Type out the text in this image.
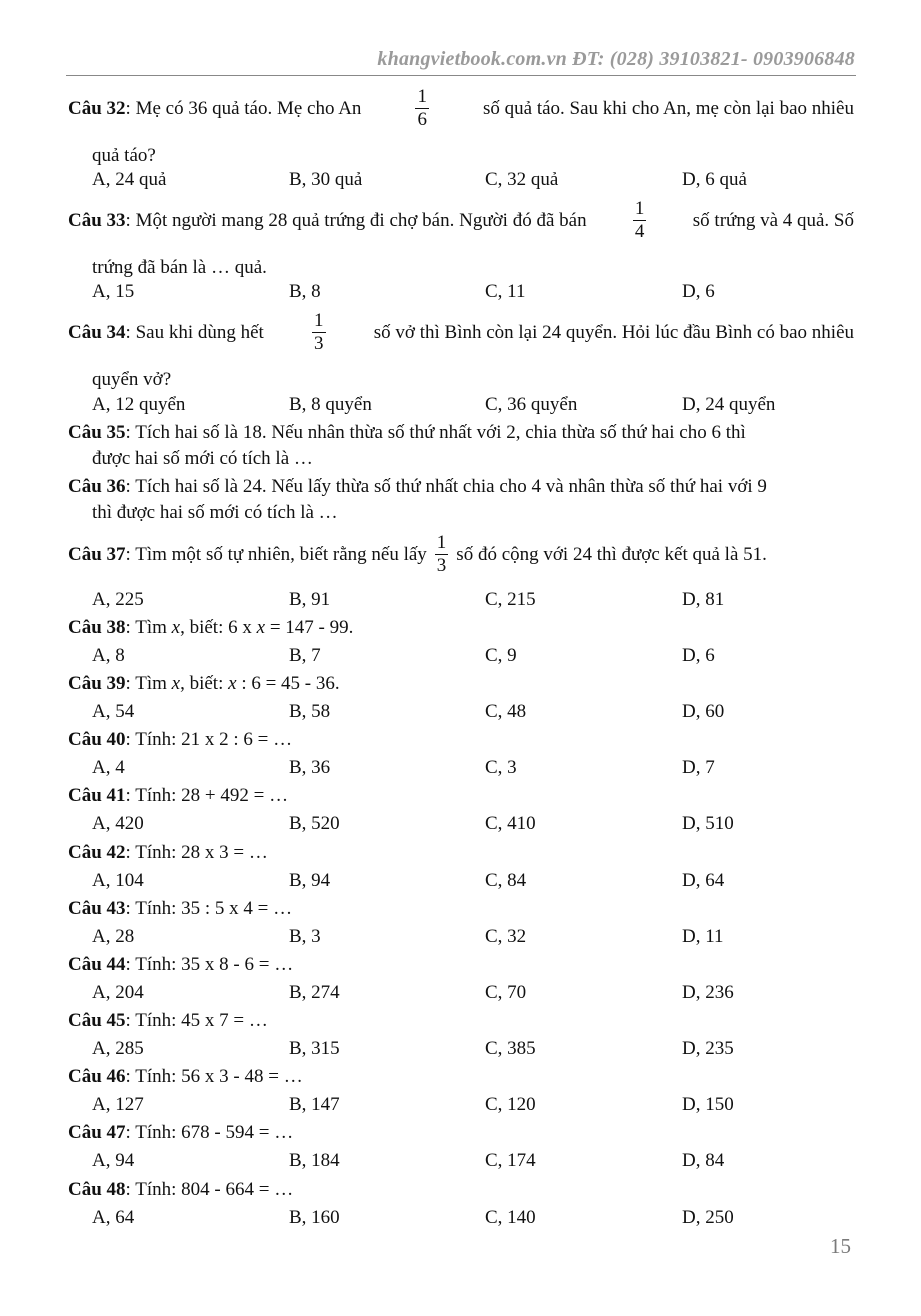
khangvietbook.com.vn ĐT: (028) 39103821- 0903906848
Câu 32: Mẹ có 36 quả táo. Mẹ cho An	$\frac{1}{6}$	số quả táo. Sau khi cho An, mẹ còn lại bao nhiêu
quả táo?
A, 24 quả	B, 30 quả	C, 32 quả	D, 6 quả
Câu 33: Một người mang 28 quả trứng đi chợ bán. Người đó đã bán $\frac{1}{4}$ số trứng và 4 quả. Số
trứng đã bán là … quả.
A, 15	B, 8	C, 11	D, 6
Câu 34: Sau khi dùng hết	$\frac{1}{3}$	số vở thì Bình còn lại 24 quyển. Hỏi lúc đầu Bình có bao nhiêu
quyển vở?
A, 12 quyển	B, 8 quyển	C, 36 quyển	D, 24 quyển
Câu 35: Tích hai số là 18. Nếu nhân thừa số thứ nhất với 2, chia thừa số thứ hai cho 6 thì
được hai số mới có tích là …
Câu 36: Tích hai số là 24. Nếu lấy thừa số thứ nhất chia cho 4 và nhân thừa số thứ hai với 9
thì được hai số mới có tích là …
Câu 37: Tìm một số tự nhiên, biết rằng nếu lấy $\frac{1}{3}$ số đó cộng với 24 thì được kết quả là 51.
A, 225	B, 91	C, 215	D, 81
Câu 38 : Tìm x , biết: 6 x x = 147 - 99.
A, 8	B, 7	C, 9	D, 6
Câu 39 : Tìm x , biết: x : 6 = 45 - 36.
A, 54	B, 58	C, 48	D, 60
Câu 40 : Tính: 21 x 2 : 6 = …
A, 4	B, 36	C, 3	D, 7
Câu 41 : Tính: 28 + 492 = …
A, 420	B, 520	C, 410	D, 510
Câu 42 : Tính: 28 x 3 = …
A, 104	B, 94	C, 84	D, 64
Câu 43 : Tính: 35 : 5 x 4 = …
A, 28	B, 3	C, 32	D, 11
Câu 44 : Tính: 35 x 8 - 6 = …
A, 204	B, 274	C, 70	D, 236
Câu 45 : Tính: 45 x 7 = …
A, 285	B, 315	C, 385	D, 235
Câu 46 : Tính: 56 x 3 - 48 = …
A, 127	B, 147	C, 120	D, 150
Câu 47 : Tính: 678 - 594 = …
A, 94	B, 184	C, 174	D, 84
Câu 48 : Tính: 804 - 664 = …
A, 64	B, 160	C, 140	D, 250
15
